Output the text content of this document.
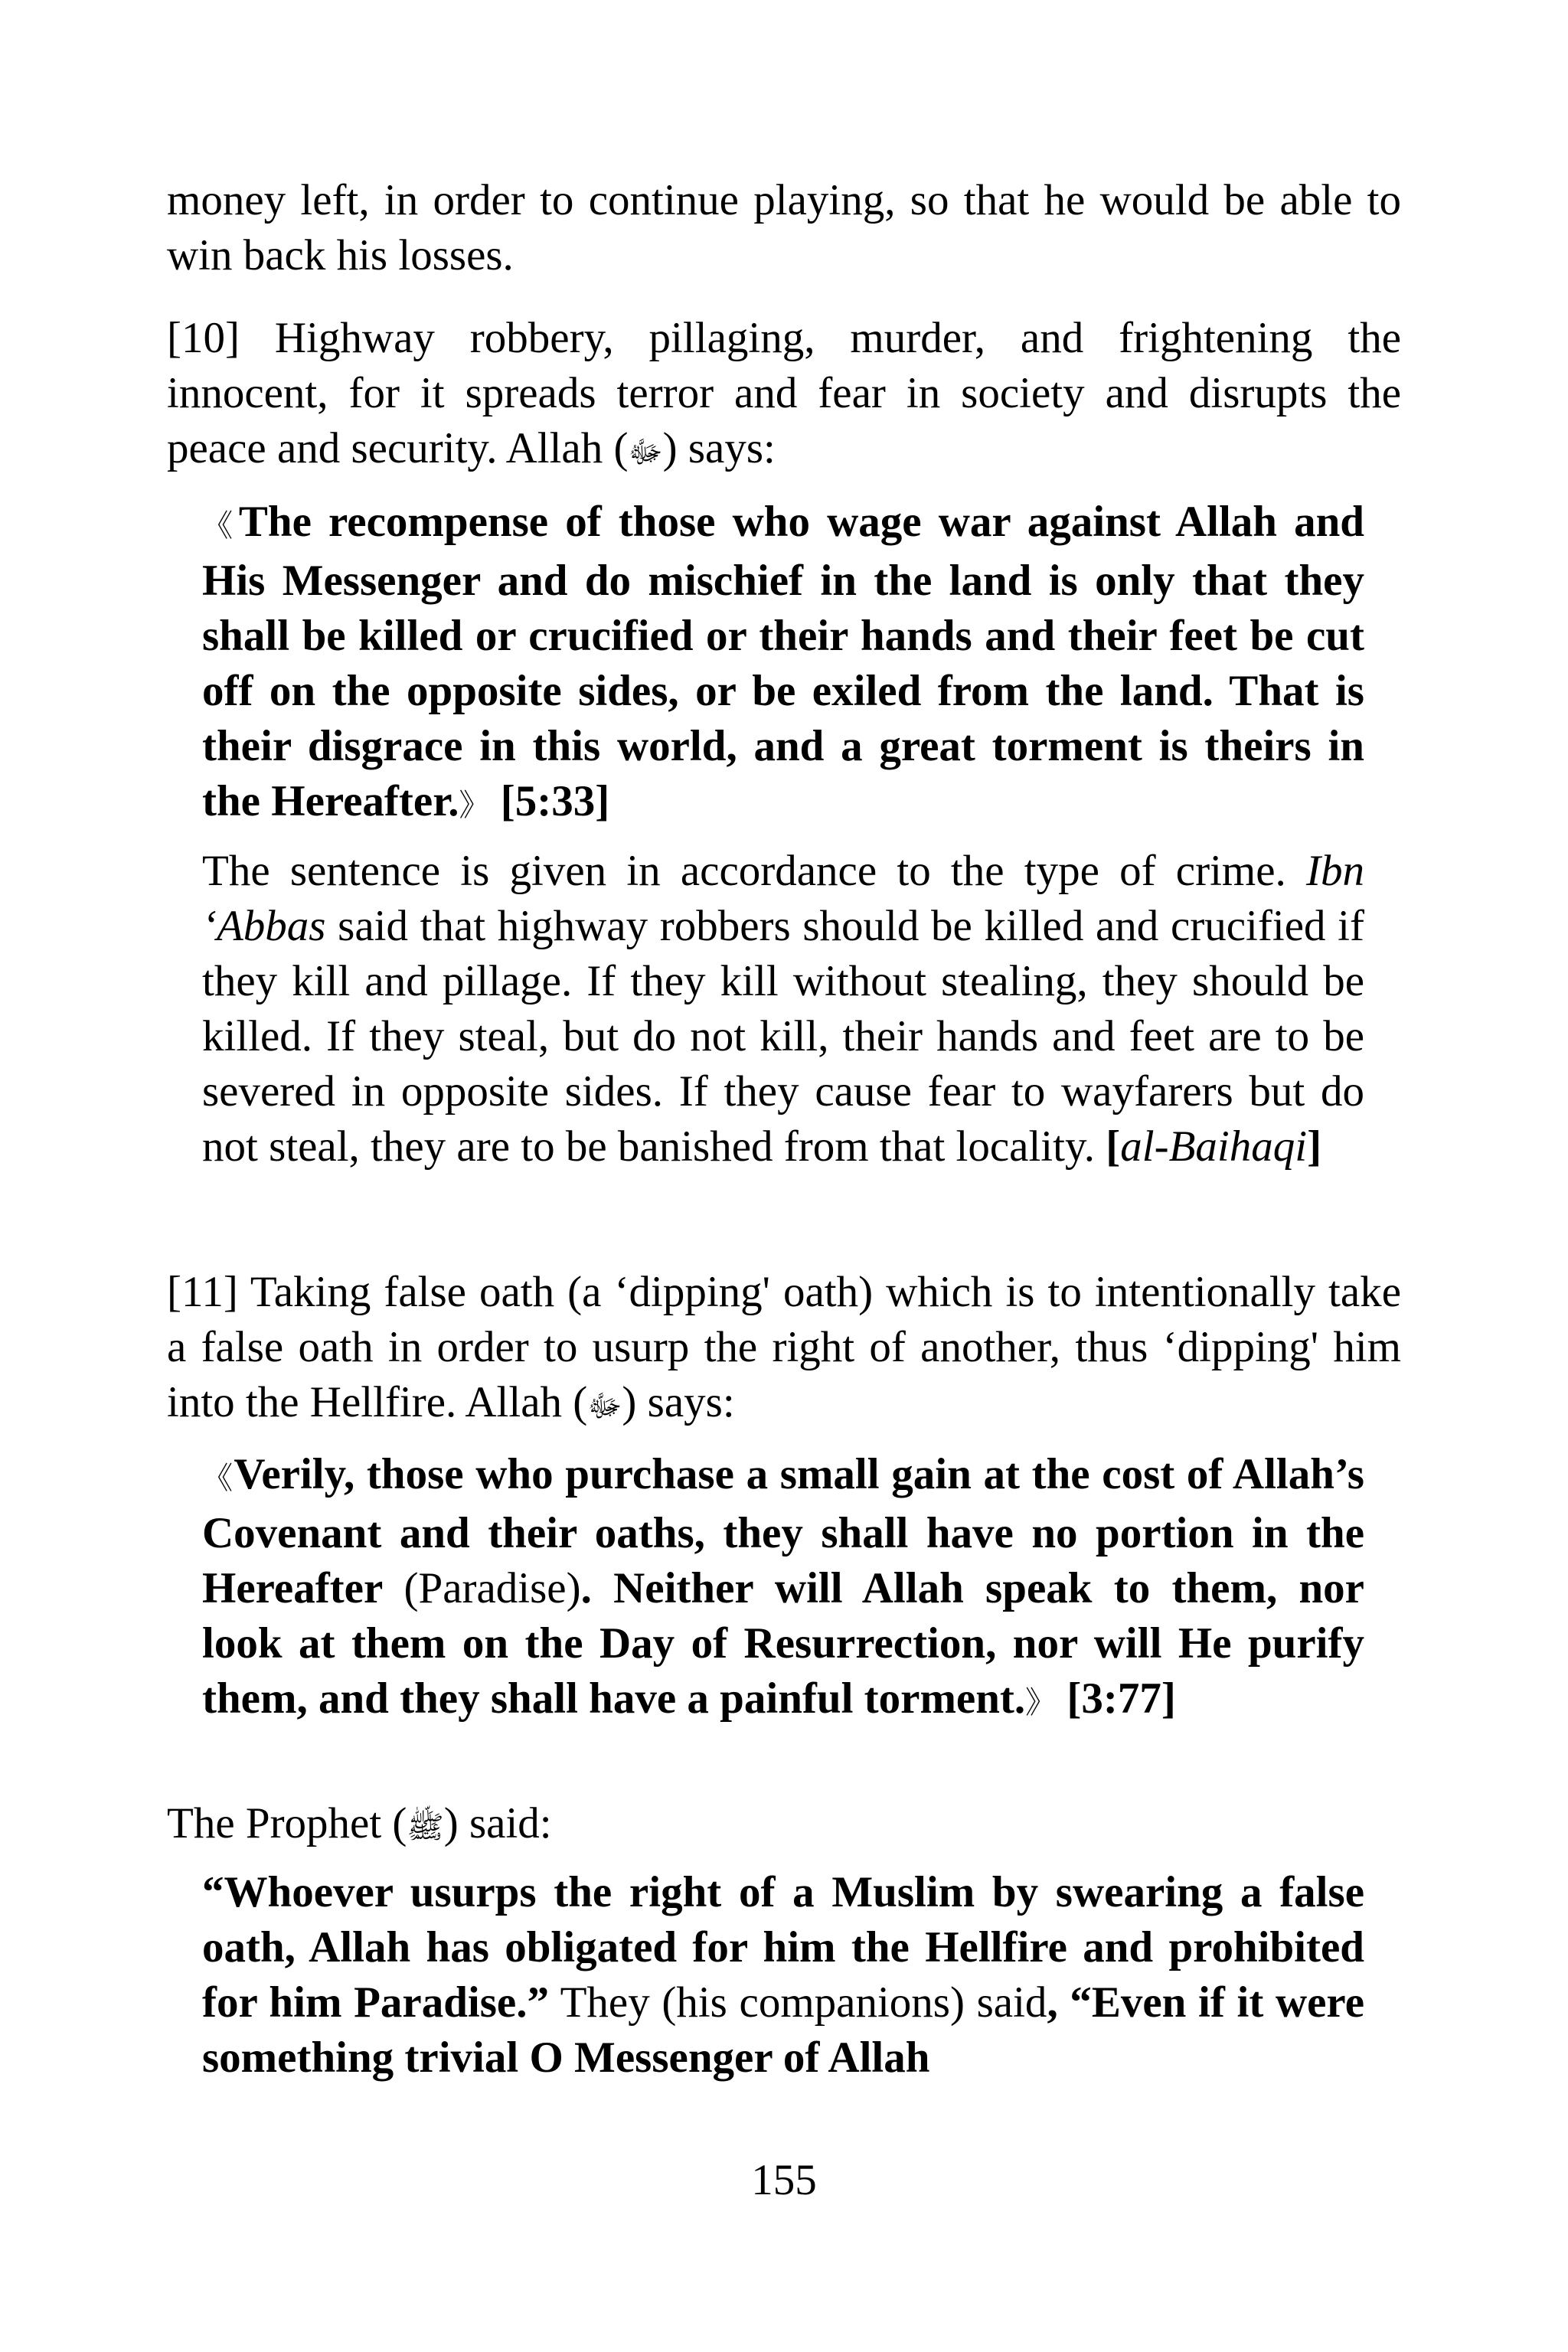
money left, in order to continue playing, so that he would be able to win back his losses.

[10] Highway robbery, pillaging, murder, and frightening the innocent, for it spreads terror and fear in society and disrupts the peace and security. Allah (ﷻ) says:

《The recompense of those who wage war against Allah and His Messenger and do mischief in the land is only that they shall be killed or crucified or their hands and their feet be cut off on the opposite sides, or be exiled from the land. That is their disgrace in this world, and a great torment is theirs in the Hereafter.》 [5:33]

The sentence is given in accordance to the type of crime. Ibn ‘Abbas said that highway robbers should be killed and crucified if they kill and pillage. If they kill without stealing, they should be killed. If they steal, but do not kill, their hands and feet are to be severed in opposite sides. If they cause fear to wayfarers but do not steal, they are to be banished from that locality. [al-Baihaqi]

[11] Taking false oath (a ‘dipping' oath) which is to intentionally take a false oath in order to usurp the right of another, thus ‘dipping' him into the Hellfire. Allah (ﷻ) says:

《Verily, those who purchase a small gain at the cost of Allah’s Covenant and their oaths, they shall have no portion in the Hereafter (Paradise). Neither will Allah speak to them, nor look at them on the Day of Resurrection, nor will He purify them, and they shall have a painful torment.》 [3:77]

The Prophet (ﷺ) said:

“Whoever usurps the right of a Muslim by swearing a false oath, Allah has obligated for him the Hellfire and prohibited for him Paradise.” They (his companions) said, “Even if it were something trivial O Messenger of Allah

155
